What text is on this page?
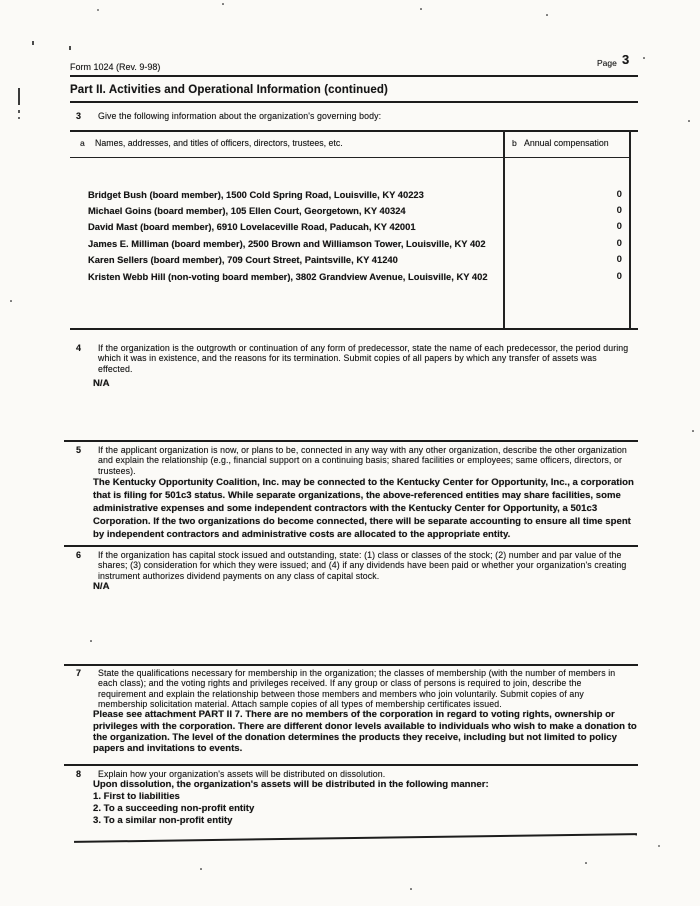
Form 1024 (Rev. 9-98)	Page 3
Part II. Activities and Operational Information (continued)
3 Give the following information about the organization's governing body:
a Names, addresses, and titles of officers, directors, trustees, etc.	b Annual compensation
Bridget Bush (board member), 1500 Cold Spring Road, Louisville, KY 40223	0
Michael Goins (board member), 105 Ellen Court, Georgetown, KY 40324	0
David Mast (board member), 6910 Lovelaceville Road, Paducah, KY 42001	0
James E. Milliman (board member), 2500 Brown and Williamson Tower, Louisville, KY 402	0
Karen Sellers (board member), 709 Court Street, Paintsville, KY 41240	0
Kristen Webb Hill (non-voting board member), 3802 Grandview Avenue, Louisville, KY 402	0
4 If the organization is the outgrowth or continuation of any form of predecessor, state the name of each predecessor, the period during which it was in existence, and the reasons for its termination. Submit copies of all papers by which any transfer of assets was effected.
N/A
5 If the applicant organization is now, or plans to be, connected in any way with any other organization, describe the other organization and explain the relationship (e.g., financial support on a continuing basis; shared facilities or employees; same officers, directors, or trustees).
The Kentucky Opportunity Coalition, Inc. may be connected to the Kentucky Center for Opportunity, Inc., a corporation that is filing for 501c3 status. While separate organizations, the above-referenced entities may share facilities, some administrative expenses and some independent contractors with the Kentucky Center for Opportunity, a 501c3 Corporation. If the two organizations do become connected, there will be separate accounting to ensure all time spent by independent contractors and administrative costs are allocated to the appropriate entity.
6 If the organization has capital stock issued and outstanding, state: (1) class or classes of the stock; (2) number and par value of the shares; (3) consideration for which they were issued; and (4) if any dividends have been paid or whether your organization's creating instrument authorizes dividend payments on any class of capital stock.
N/A
7 State the qualifications necessary for membership in the organization; the classes of membership (with the number of members in each class); and the voting rights and privileges received. If any group or class of persons is required to join, describe the requirement and explain the relationship between those members and members who join voluntarily. Submit copies of any membership solicitation material. Attach sample copies of all types of membership certificates issued.
Please see attachment PART II 7. There are no members of the corporation in regard to voting rights, ownership or privileges with the corporation. There are different donor levels available to individuals who wish to make a donation to the organization. The level of the donation determines the products they receive, including but not limited to policy papers and invitations to events.
8 Explain how your organization's assets will be distributed on dissolution.
Upon dissolution, the organization's assets will be distributed in the following manner:
1. First to liabilities
2. To a succeeding non-profit entity
3. To a similar non-profit entity
